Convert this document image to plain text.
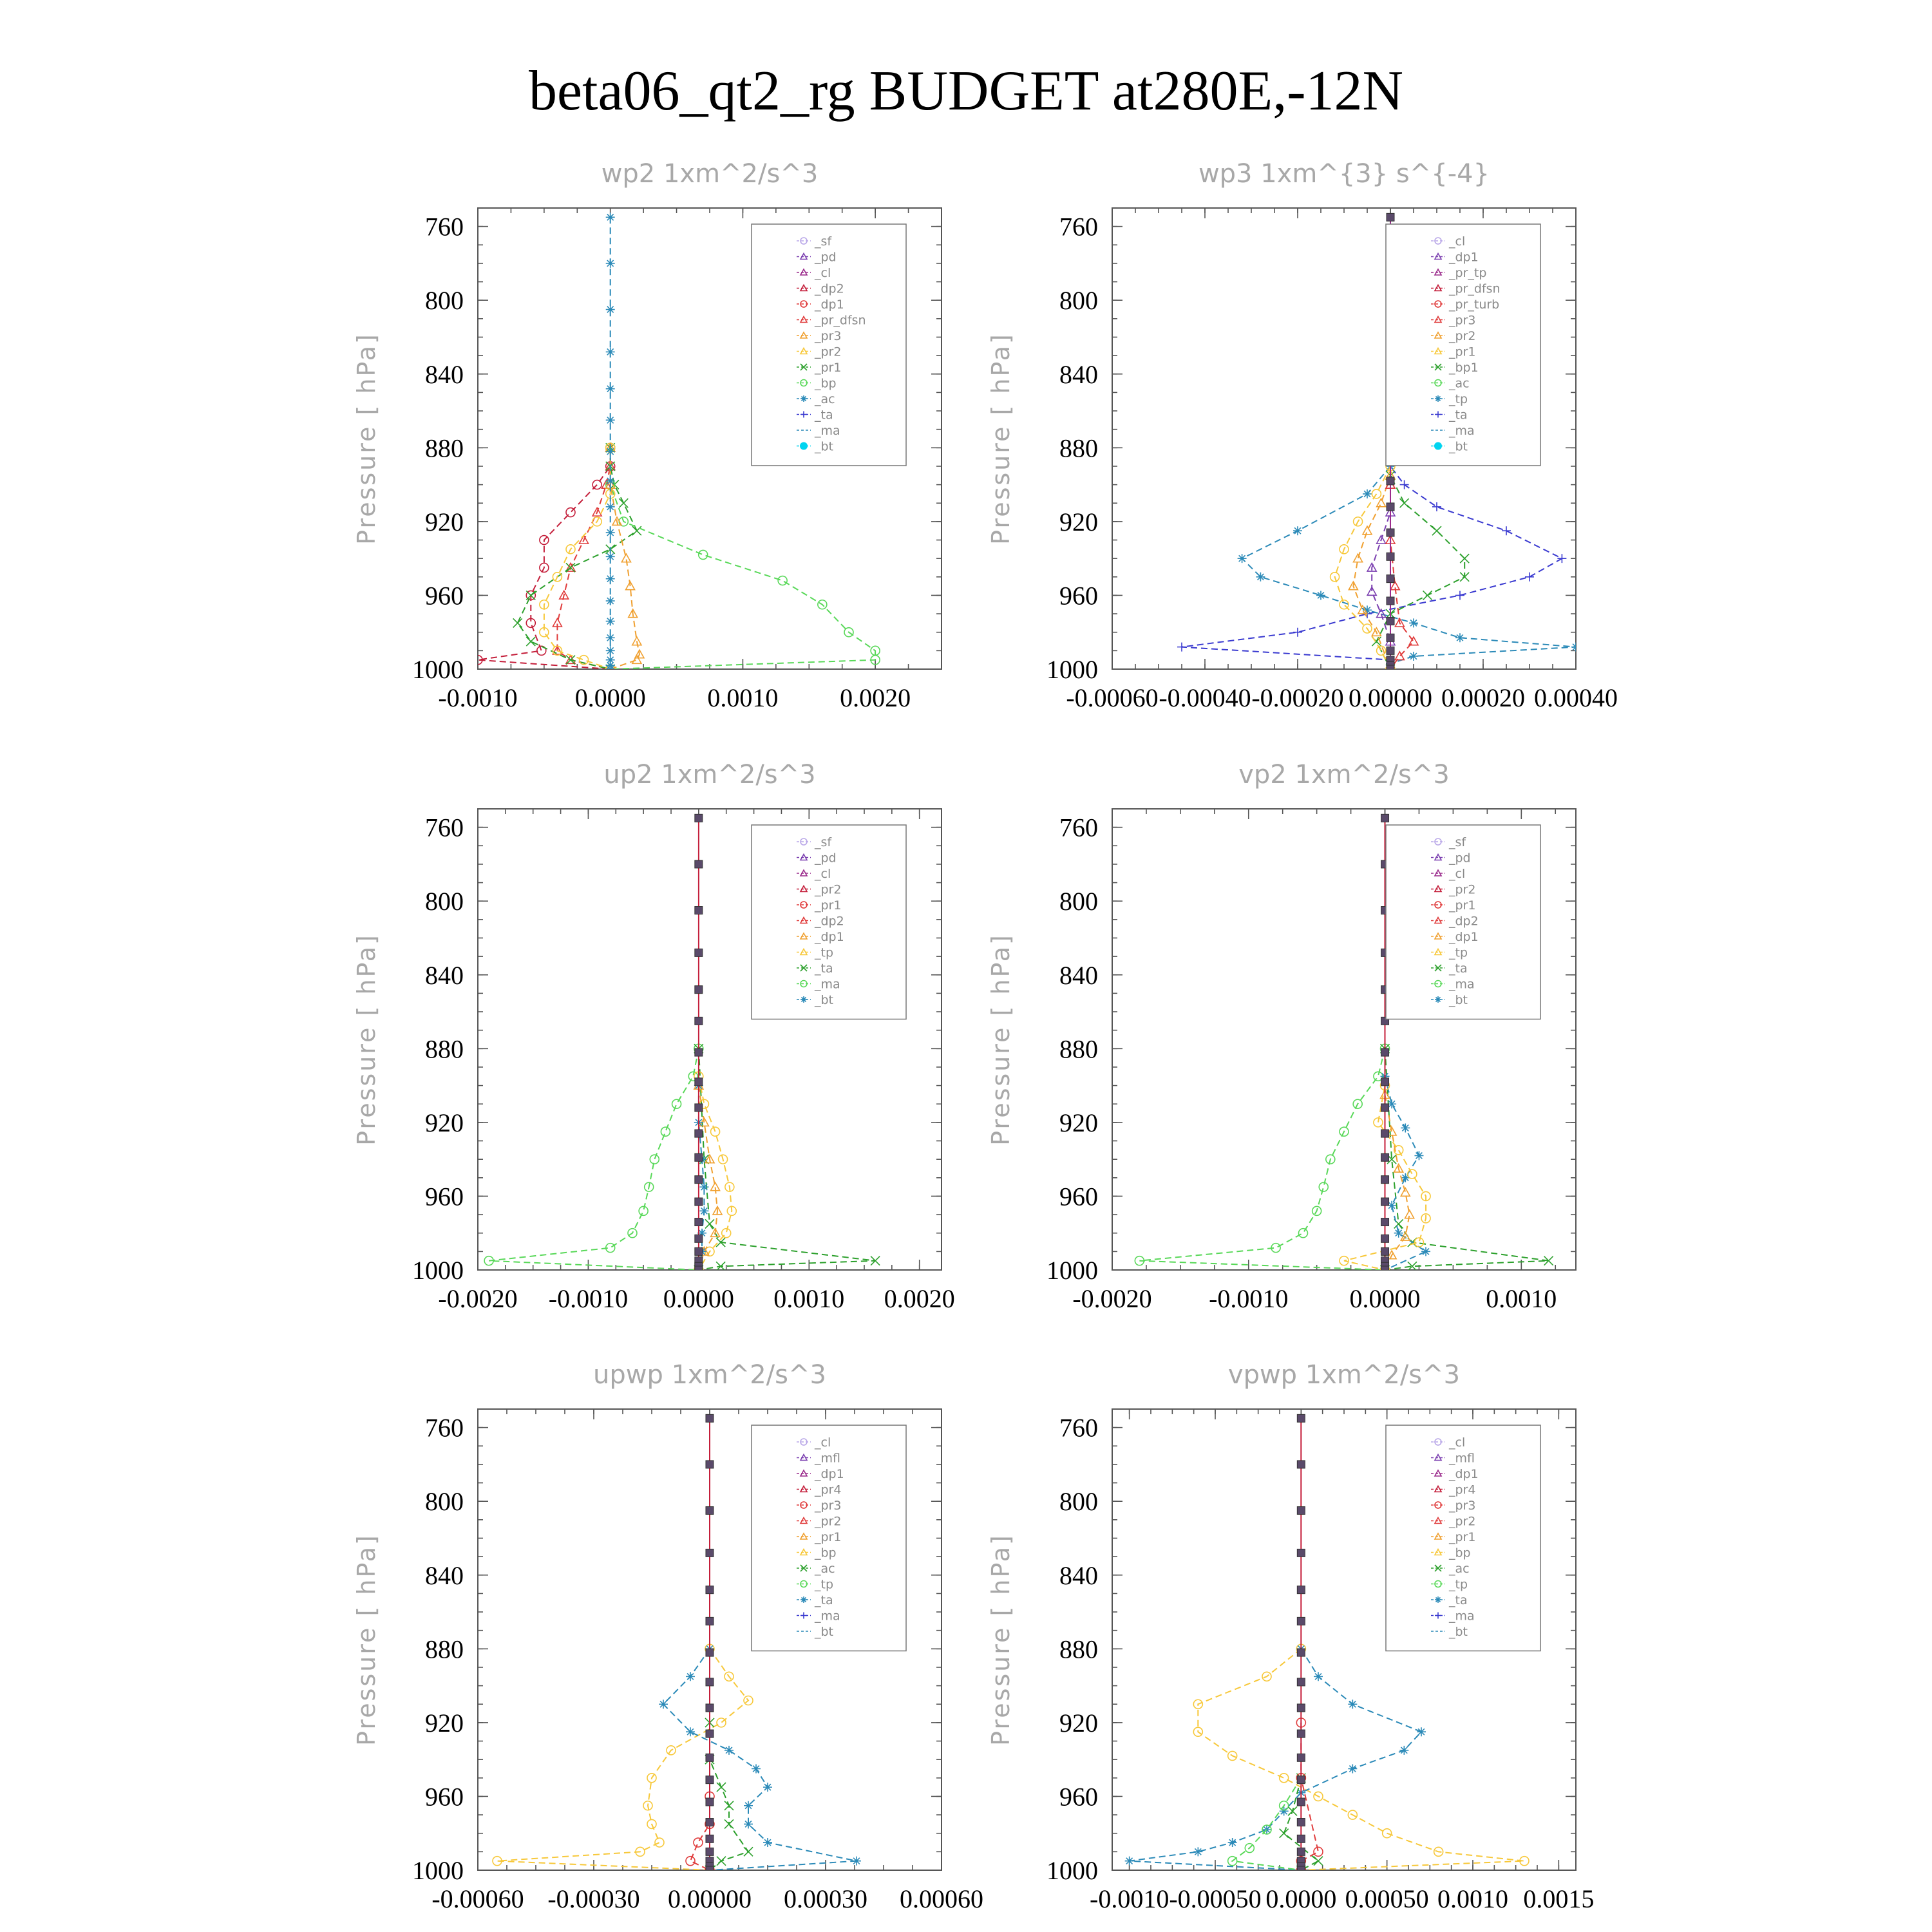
beta06_qt2_rg BUDGET at280E,-12N
wp2 1xm^2/s^3
Pressure [ hPa]
760
800
840
880
920
960
1000
-0.0010 0.0000 0.0010 0.0020
_sf
_pd
_cl
_dp2
_dp1
_pr_dfsn
_pr3
_pr2
_pr1
_bp
_ac
_ta
_ma
_bt
wp3 1xm^{3} s^{-4}
Pressure [ hPa]
760
800
840
880
920
960
1000
-0.00060 -0.00040 -0.00020 0.00000 0.00020 0.00040
_cl
_dp1
_pr_tp
_pr_dfsn
_pr_turb
_pr3
_pr2
_pr1
_bp1
_ac
_tp
_ta
_ma
_bt
up2 1xm^2/s^3
Pressure [ hPa]
760
800
840
880
920
960
1000
-0.0020 -0.0010 0.0000 0.0010 0.0020
_sf
_pd
_cl
_pr2
_pr1
_dp2
_dp1
_tp
_ta
_ma
_bt
vp2 1xm^2/s^3
Pressure [ hPa]
760
800
840
880
920
960
1000
-0.0020 -0.0010 0.0000	0.0010
_sf
_pd
_cl
_pr2
_pr1
_dp2
_dp1
_tp
_ta
_ma
_bt
upwp 1xm^2/s^3
Pressure [ hPa]
760
800
840
880
920
960
1000
-0.00060 -0.00030 0.00000 0.00030 0.00060
_cl
_mfl
_dp1
_pr4
_pr3
_pr2
_pr1
_bp
_ac
_tp
_ta
_ma
_bt
vpwp 1xm^2/s^3
Pressure [ hPa]
760
800
840
880
920
960
1000
-0.0010 -0.00050 0.0000 0.00050 0.0010 0.0015
_cl
_mfl
_dp1
_pr4
_pr3
_pr2
_pr1
_bp
_ac
_tp
_ta
_ma
_bt
